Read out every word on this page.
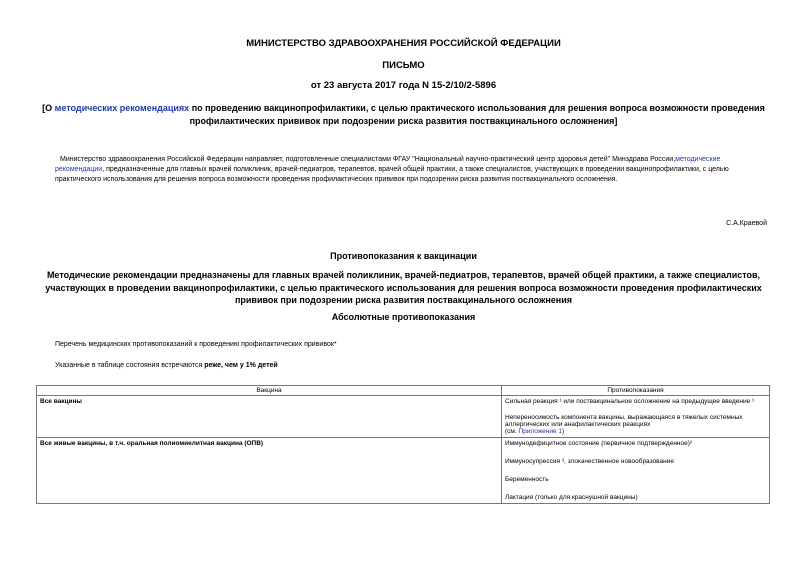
МИНИСТЕРСТВО ЗДРАВООХРАНЕНИЯ РОССИЙСКОЙ ФЕДЕРАЦИИ
ПИСЬМО
от 23 августа 2017 года N 15-2/10/2-5896
[О методических рекомендациях по проведению вакцинопрофилактики, с целью практического использования для решения вопроса возможности проведения
профилактических прививок при подозрении риска развития поствакцинального осложнения]
Министерство здравоохранения Российской Федерации направляет, подготовленные специалистами ФГАУ "Национальный научно-практический центр здоровья детей" Минздрава России,методические рекомендации, предназначенные для главных врачей поликлиник, врачей-педиатров, терапевтов, врачей общей практики, а также специалистов, участвующих в проведении вакцинопрофилактики, с целью практического использования для решения вопроса возможности проведения профилактических прививок при подозрении риска развития поствакцинального осложнения.
С.А.Краевой
Противопоказания к вакцинации
Методические рекомендации предназначены для главных врачей поликлиник, врачей-педиатров, терапевтов, врачей общей практики, а также специалистов,
участвующих в проведении вакцинопрофилактики, с целью практического использования для решения вопроса возможности проведения профилактических
прививок при подозрении риска развития поствакцинального осложнения
Абсолютные противопоказания
Перечень медицинских противопоказаний к проведению профилактических прививок*
Указанные в таблице состояния встречаются реже, чем у 1% детей
Вакцина	Противопоказания
Все вакцины	Сильная реакция ¹ или поствакцинальное осложнение на предыдущее введение ¹
Непереносимость компонента вакцины, выражающаяся в тяжелых системных аллергических или анафилактических реакциях
(см. Приложение 1)

Все живые вакцины, в т.ч. оральная полиомиелитная вакцина (ОПВ)	Иммунодефицитное состояние (первичное подтвержденное)²
Иммуносупрессия ³, злокачественное новообразование
Беременность
Лактация (только для краснушной вакцины)
